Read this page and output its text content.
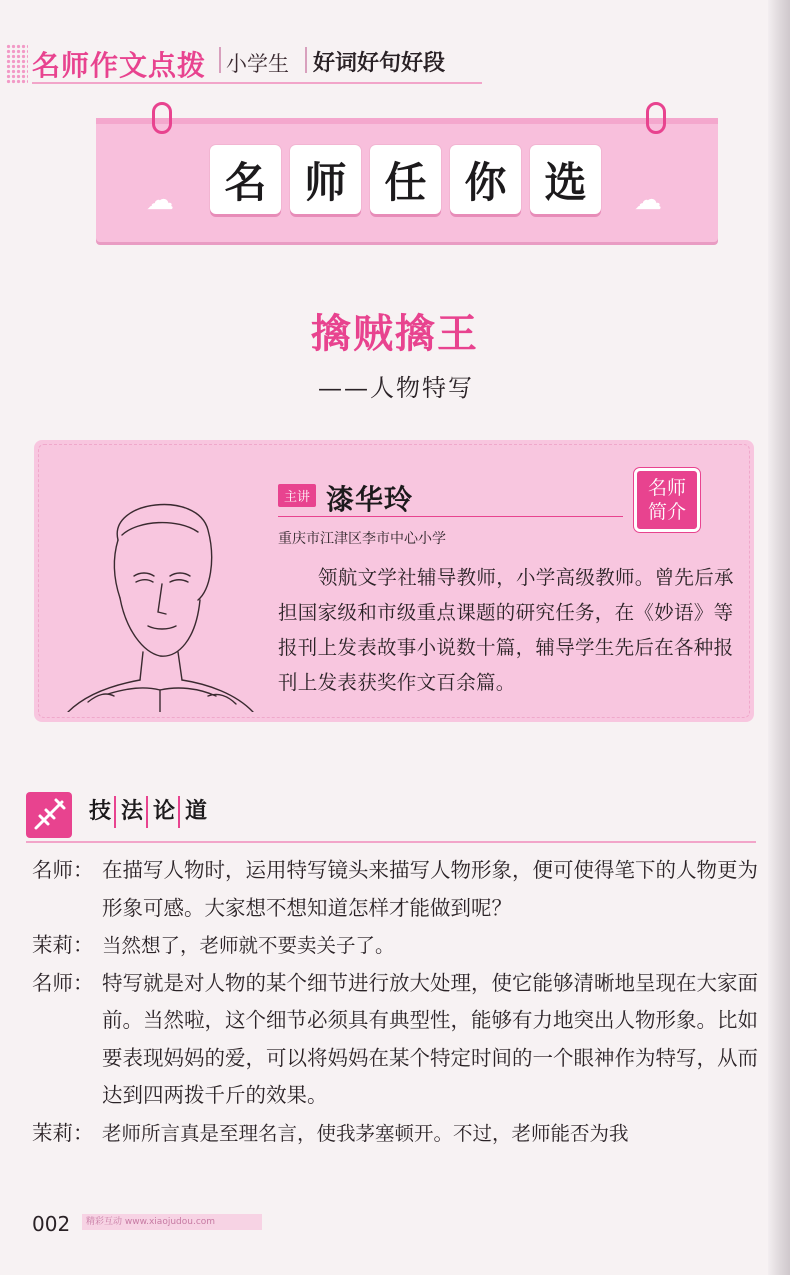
名师作文点拨 小学生 好词好句好段
☁	☁
名 师 任 你 选
擒贼擒王
——人物特写
主讲 漆华玲
重庆市江津区李市中心小学
名师
简介
领航文学社辅导教师，小学高级教师。曾先后承担国家级和市级重点课题的研究任务，在《妙语》等报刊上发表故事小说数十篇，辅导学生先后在各种报刊上发表获奖作文百余篇。
技 法 论 道
名师： 在描写人物时，运用特写镜头来描写人物形象，便可使得笔下的人物更为形象可感。大家想不想知道怎样才能做到呢？
茉莉： 当然想了，老师就不要卖关子了。
名师： 特写就是对人物的某个细节进行放大处理，使它能够清晰地呈现在大家面前。当然啦，这个细节必须具有典型性，能够有力地突出人物形象。比如要表现妈妈的爱，可以将妈妈在某个特定时间的一个眼神作为特写，从而达到四两拨千斤的效果。
茉莉： 老师所言真是至理名言，使我茅塞顿开。不过，老师能否为我
002	精彩互动 www.xiaojudou.com
